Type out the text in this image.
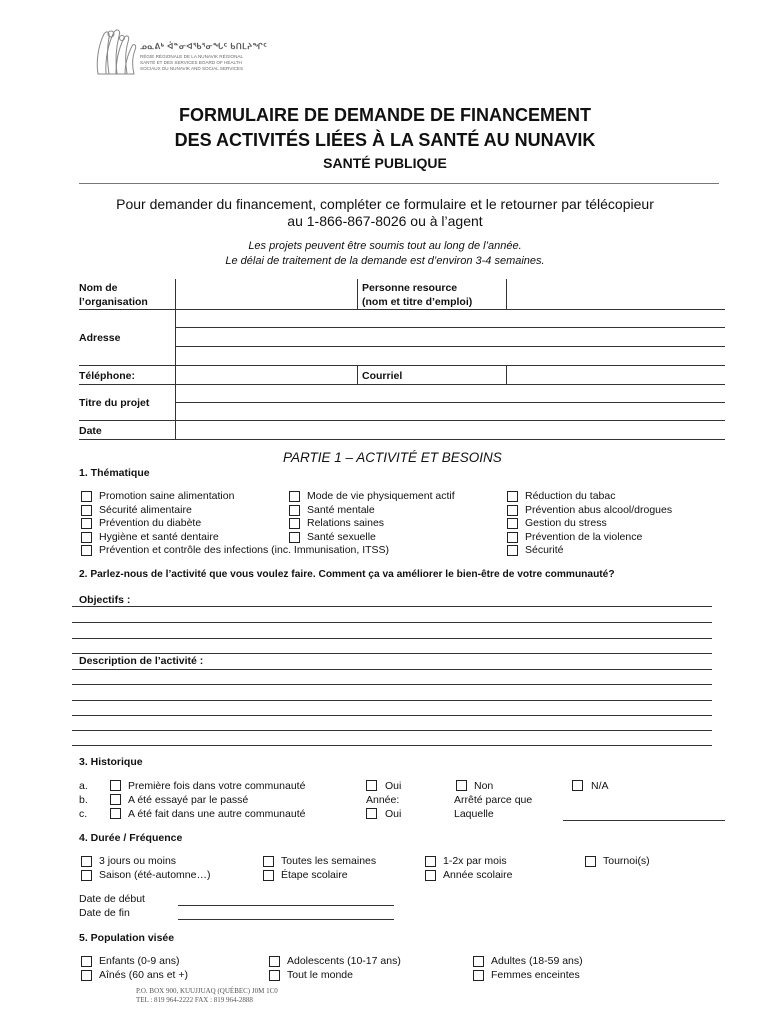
ᓄᓇᕕᒃ ᐋᓐᓂᐊᖃᕐᓂᖓᑦ ᑲᑎᒪᔨᖏᑦ
RÉGIE RÉGIONALE DE LA NUNAVIK RÉGIONAL
SANTÉ ET DES SERVICES BOARD OF HEALTH
SOCIAUX DU NUNAVIK AND SOCIAL SERVICES
FORMULAIRE DE DEMANDE DE FINANCEMENT
DES ACTIVITÉS LIÉES À LA SANTÉ AU NUNAVIK
SANTÉ PUBLIQUE
Pour demander du financement, compléter ce formulaire et le retourner par télécopieur
au 1-866-867-8026 ou à l’agent
Les projets peuvent être soumis tout au long de l’année.
Le délai de traitement de la demande est d’environ 3-4 semaines.
Nom de
l’organisation
Personne resource
(nom et titre d’emploi)
Adresse
Téléphone:	Courriel
Titre du projet
Date
PARTIE 1 – ACTIVITÉ ET BESOINS
1. Thématique
Promotion saine alimentation
Sécurité alimentaire
Prévention du diabète
Hygiène et santé dentaire
Prévention et contrôle des infections (inc. Immunisation, ITSS)
Mode de vie physiquement actif
Santé mentale
Relations saines
Santé sexuelle
Réduction du tabac
Prévention abus alcool/drogues
Gestion du stress
Prévention de la violence
Sécurité
2. Parlez-nous de l’activité que vous voulez faire. Comment ça va améliorer le bien-être de votre communauté?
Objectifs :
Description de l’activité :
3. Historique
a.
b.
c.
Première fois dans votre communauté
A été essayé par le passé
A été fait dans une autre communauté
Oui
Année:
Oui
Non
Arrêté parce que
Laquelle
N/A
4. Durée / Fréquence
3 jours ou moins
Saison (été-automne…)
Toutes les semaines
Étape scolaire
1-2x par mois
Année scolaire
Tournoi(s)
Date de début
Date de fin
5. Population visée
Enfants (0-9 ans)
Aînés (60 ans et +)
Adolescents (10-17 ans)
Tout le monde
Adultes (18-59 ans)
Femmes enceintes
P.O. BOX 900, KUUJJUAQ (QUÉBEC) J0M 1C0
TEL : 819 964-2222 FAX : 819 964-2888
